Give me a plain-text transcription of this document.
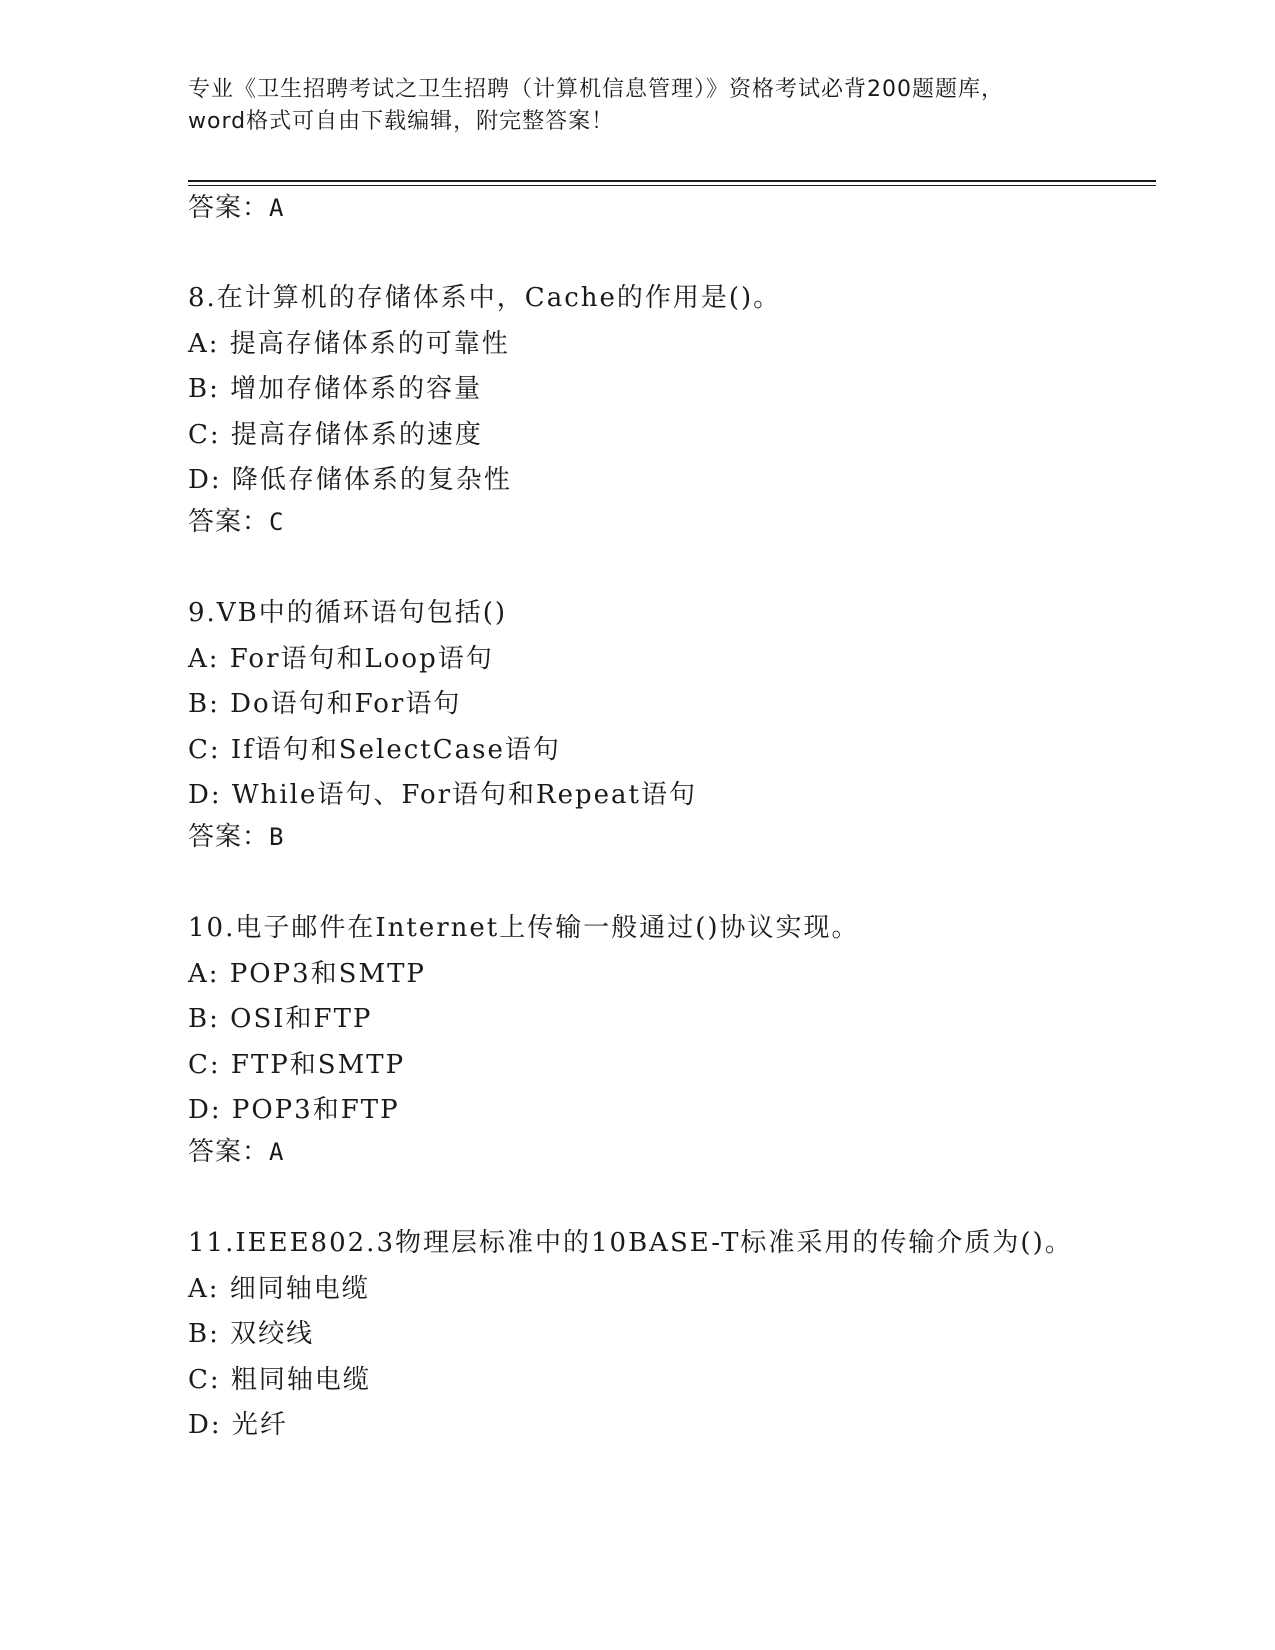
专业《卫生招聘考试之卫生招聘（计算机信息管理）》资格考试必背200题题库，
word格式可自由下载编辑，附完整答案！
答案：A
8.在计算机的存储体系中，Cache的作用是()。
A: 提高存储体系的可靠性
B: 增加存储体系的容量
C: 提高存储体系的速度
D: 降低存储体系的复杂性
答案：C
9.VB中的循环语句包括()
A: For语句和Loop语句
B: Do语句和For语句
C: If语句和SelectCase语句
D: While语句、For语句和Repeat语句
答案：B
10.电子邮件在Internet上传输一般通过()协议实现。
A: POP3和SMTP
B: OSI和FTP
C: FTP和SMTP
D: POP3和FTP
答案：A
11.IEEE802.3物理层标准中的10BASE-T标准采用的传输介质为()。
A: 细同轴电缆
B: 双绞线
C: 粗同轴电缆
D: 光纤
